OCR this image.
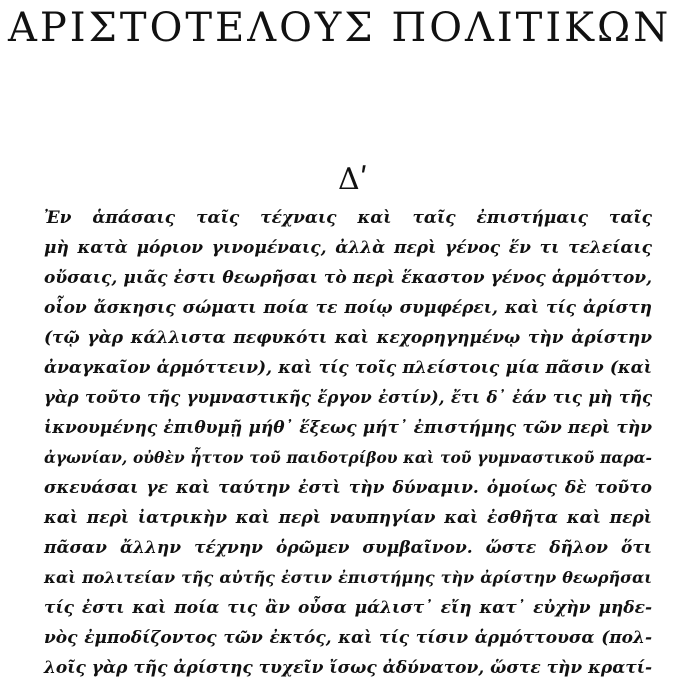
ΑΡΙΣΤΟΤΕΛΟΥΣ ΠΟΛΙΤΙΚΩΝ
Δʹ
Ἐν ἁπάσαις ταῖς τέχναις καὶ ταῖς ἐπιστήμαις ταῖς
μὴ κατὰ μόριον γινομέναις, ἀλλὰ περὶ γένος ἕν τι τελείαις
οὔσαις, μιᾶς ἐστι θεωρῆσαι τὸ περὶ ἕκαστον γένος ἁρμόττον,
οἷον ἄσκησις σώματι ποία τε ποίῳ συμφέρει, καὶ τίς ἀρίστη
(τῷ γὰρ κάλλιστα πεφυκότι καὶ κεχορηγημένῳ τὴν ἀρίστην
ἀναγκαῖον ἁρμόττειν), καὶ τίς τοῖς πλείστοις μία πᾶσιν (καὶ
γὰρ τοῦτο τῆς γυμναστικῆς ἔργον ἐστίν), ἔτι δ᾽ ἐάν τις μὴ τῆς
ἱκνουμένης ἐπιθυμῇ μήθ᾽ ἕξεως μήτ᾽ ἐπιστήμης τῶν περὶ τὴν
ἀγωνίαν, οὐθὲν ἧττον τοῦ παιδοτρίβου καὶ τοῦ γυμναστικοῦ παρα-
σκευάσαι γε καὶ ταύτην ἐστὶ τὴν δύναμιν. ὁμοίως δὲ τοῦτο
καὶ περὶ ἰατρικὴν καὶ περὶ ναυπηγίαν καὶ ἐσθῆτα καὶ περὶ
πᾶσαν ἄλλην τέχνην ὁρῶμεν συμβαῖνον. ὥστε δῆλον ὅτι
καὶ πολιτείαν τῆς αὐτῆς ἐστιν ἐπιστήμης τὴν ἀρίστην θεωρῆσαι
τίς ἐστι καὶ ποία τις ἂν οὖσα μάλιστ᾽ εἴη κατ᾽ εὐχὴν μηδε-
νὸς ἐμποδίζοντος τῶν ἐκτός, καὶ τίς τίσιν ἁρμόττουσα (πολ-
λοῖς γὰρ τῆς ἀρίστης τυχεῖν ἴσως ἀδύνατον, ὥστε τὴν κρατί-
